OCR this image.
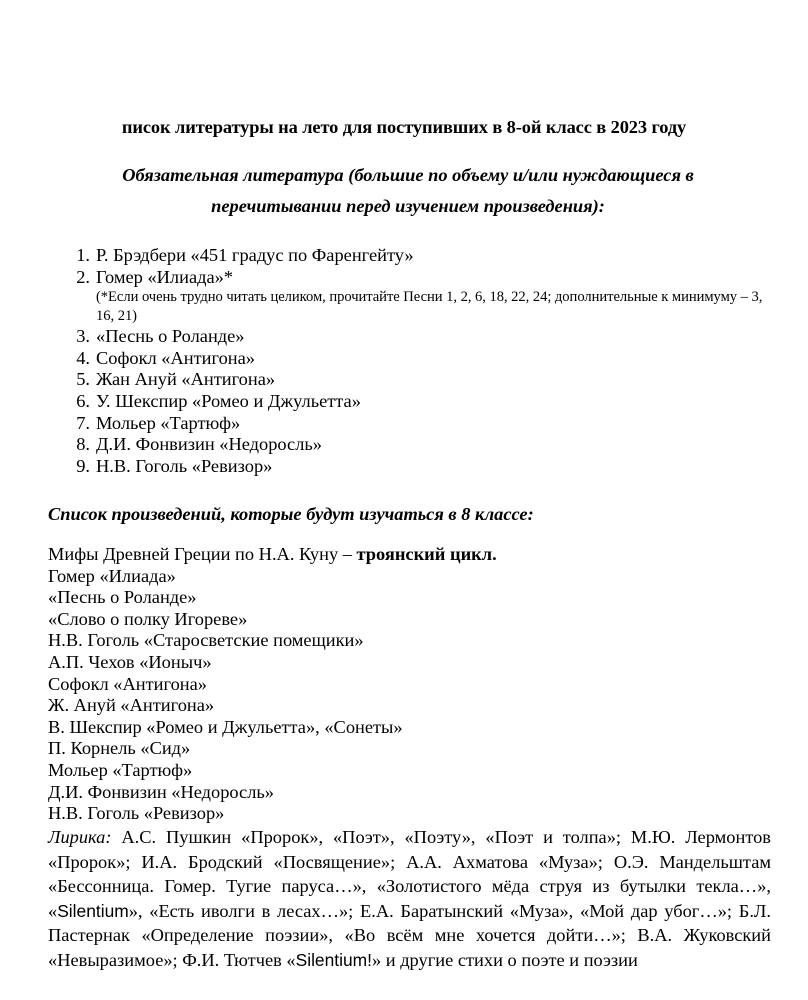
писок литературы на лето для поступивших в 8-ой класс в 2023 году
Обязательная литература (большие по объему и/или нуждающиеся в перечитывании перед изучением произведения):
1 . Р. Брэдбери «451 градус по Фаренгейту»
2 . Гомер «Илиада»*
(*Если очень трудно читать целиком, прочитайте Песни 1, 2, 6, 18, 22, 24; дополнительные к минимуму – 3, 16, 21)
3 . «Песнь о Роланде»
4 . Софокл «Антигона»
5 . Жан Ануй «Антигона»
6 . У. Шекспир «Ромео и Джульетта»
7 . Мольер «Тартюф»
8 . Д.И. Фонвизин «Недоросль»
9 . Н.В. Гоголь «Ревизор»
Список произведений, которые будут изучаться в 8 классе:
Мифы Древней Греции по Н.А. Куну – троянский цикл.
Гомер «Илиада»
«Песнь о Роланде»
«Слово о полку Игореве»
Н.В. Гоголь «Старосветские помещики»
А.П. Чехов «Ионыч»
Софокл «Антигона»
Ж. Ануй «Антигона»
В. Шекспир «Ромео и Джульетта», «Сонеты»
П. Корнель «Сид»
Мольер «Тартюф»
Д.И. Фонвизин «Недоросль»
Н.В. Гоголь «Ревизор»
Лирика: А.С. Пушкин «Пророк», «Поэт», «Поэту», «Поэт и толпа»; М.Ю. Лермонтов «Пророк»; И.А. Бродский «Посвящение»; А.А. Ахматова «Муза»; О.Э. Мандельштам «Бессонница. Гомер. Тугие паруса…», «Золотистого мёда струя из бутылки текла…», «Silentium», «Есть иволги в лесах…»; Е.А. Баратынский «Муза», «Мой дар убог…»; Б.Л. Пастернак «Определение поэзии», «Во всём мне хочется дойти…»; В.А. Жуковский «Невыразимое»; Ф.И. Тютчев «Silentium!» и другие стихи о поэте и поэзии
